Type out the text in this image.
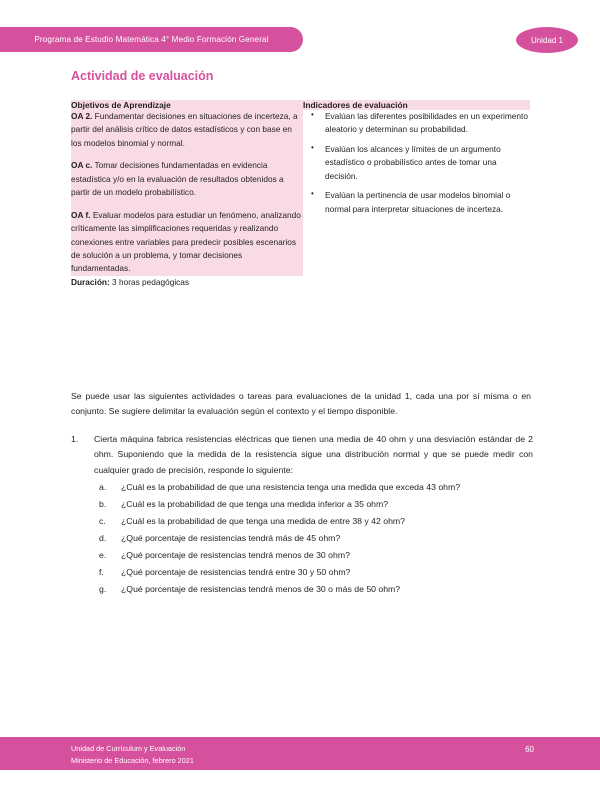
Programa de Estudio Matemática 4° Medio Formación General	Unidad 1
Actividad de evaluación
Objetivos de Aprendizaje	Indicadores de evaluación

OA 2. Fundamentar decisiones en situaciones de incerteza, a partir del análisis crítico de datos estadísticos y con base en los modelos binomial y normal.

OA c. Tomar decisiones fundamentadas en evidencia estadística y/o en la evaluación de resultados obtenidos a partir de un modelo probabilístico.

OA f. Evaluar modelos para estudiar un fenómeno, analizando críticamente las simplificaciones requeridas y realizando conexiones entre variables para predecir posibles escenarios de solución a un problema, y tomar decisiones fundamentadas.

• Evalúan las diferentes posibilidades en un experimento aleatorio y determinan su probabilidad.
• Evalúan los alcances y límites de un argumento estadístico o probabilístico antes de tomar una decisión.
• Evalúan la pertinencia de usar modelos binomial o normal para interpretar situaciones de incerteza.

Duración: 3 horas pedagógicas	
Se puede usar las siguientes actividades o tareas para evaluaciones de la unidad 1, cada una por sí misma o en conjunto. Se sugiere delimitar la evaluación según el contexto y el tiempo disponible.
1.	Cierta máquina fabrica resistencias eléctricas que tienen una media de 40 ohm y una desviación estándar de 2 ohm. Suponiendo que la medida de la resistencia sigue una distribución normal y que se puede medir con cualquier grado de precisión, responde lo siguiente:
a.	¿Cuál es la probabilidad de que una resistencia tenga una medida que exceda 43 ohm?
b.	¿Cuál es la probabilidad de que tenga una medida inferior a 35 ohm?
c.	¿Cuál es la probabilidad de que tenga una medida de entre 38 y 42 ohm?
d.	¿Qué porcentaje de resistencias tendrá más de 45 ohm?
e.	¿Qué porcentaje de resistencias tendrá menos de 30 ohm?
f.	¿Qué porcentaje de resistencias tendrá entre 30 y 50 ohm?
g.	¿Qué porcentaje de resistencias tendrá menos de 30 o más de 50 ohm?
Unidad de Currículum y Evaluación
Ministerio de Educación, febrero 2021
60
